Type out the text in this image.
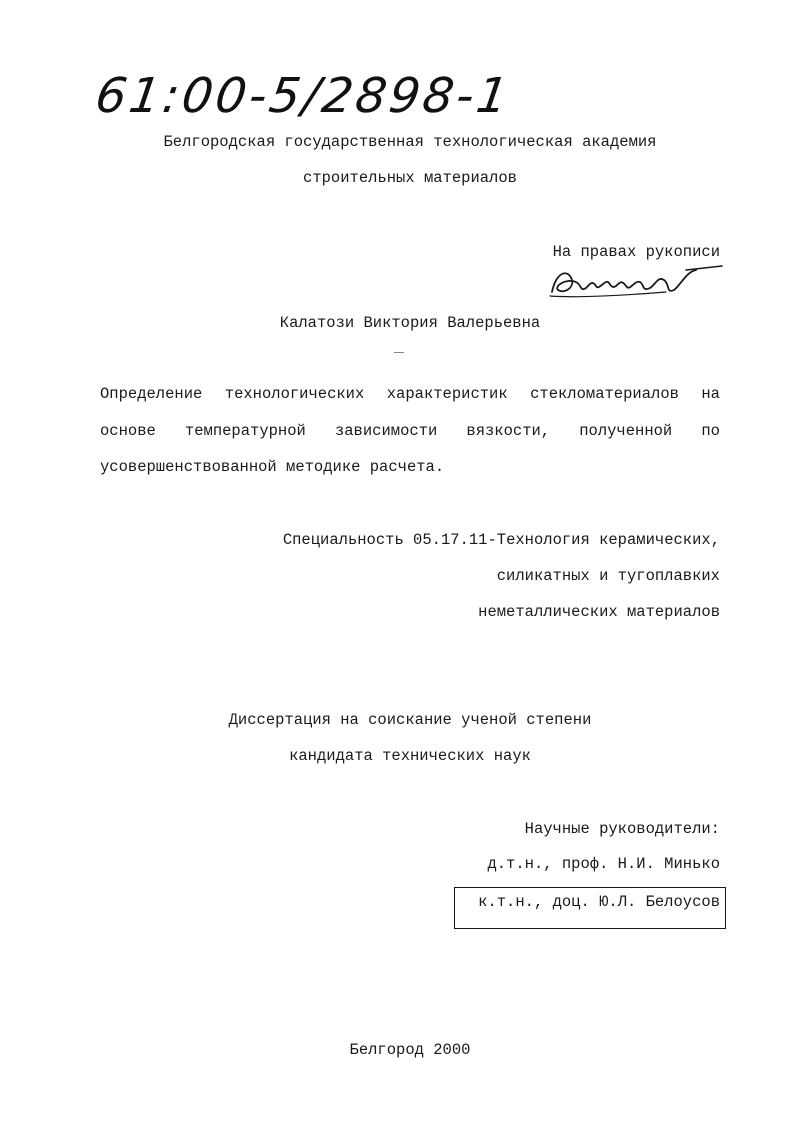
61:00-5/2898-1
Белгородская государственная технологическая академия
строительных материалов
На правах рукописи
Калатози Виктория Валерьевна
Определение технологических характеристик стекломатериалов на
основе температурной зависимости вязкости, полученной по
усовершенствованной методике расчета.
Специальность 05.17.11-Технология керамических,
силикатных и тугоплавких
неметаллических материалов
Диссертация на соискание ученой степени
кандидата технических наук
Научные руководители:
д.т.н., проф. Н.И. Минько
к.т.н., доц. Ю.Л. Белоусов
Белгород 2000
